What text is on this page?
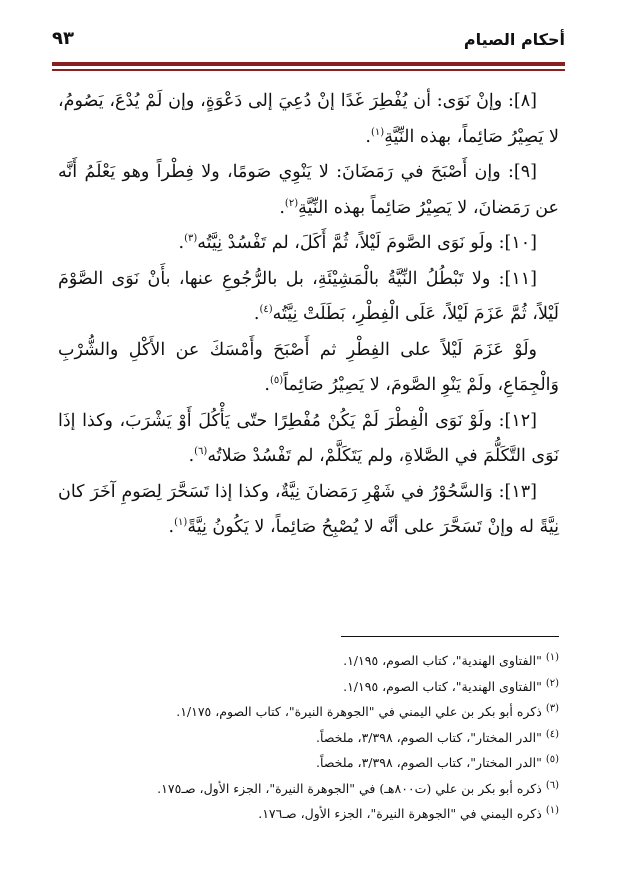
أحكام الصيام
٩٣

[٨]: وإنْ نَوَى: أن يُفْطِرَ غَدًا إنْ دُعِيَ إلى دَعْوَةٍ، وإن لَمْ يُدْعَ، يَصُومُ، لا يَصِيْرُ صَائِماً، بهذه النِّيَّةِ$^{(١)}$.

[٩]: وإن أَصْبَحَ في رَمَضَانَ: لا يَنْوِي صَومًا، ولا فِطْراً وهو يَعْلَمُ أَنَّه عن رَمَضانَ، لا يَصِيْرُ صَائِماً بهذه النِّيَّةِ$^{(٢)}$.

[١٠]: ولَو نَوَى الصَّومَ لَيْلاً، ثُمَّ أَكَلَ، لم تَفْسُدْ نِيَّتُه$^{(٣)}$.

[١١]: ولا تَبْطُلُ النِّيَّةُ بالْمَشِيْئَةِ، بل بالرُّجُوعِ عنها، بأَنْ نَوَى الصَّوْمَ لَيْلاً، ثُمَّ عَزَمَ لَيْلاً، عَلَى الْفِطْرِ، بَطَلَتْ نِيَّتُه$^{(٤)}$.

ولَوْ عَزَمَ لَيْلاً على الفِطْرِ ثم أَصْبَحَ وأَمْسَكَ عن الأَكْلِ والشُّرْبِ وَالْجِمَاعِ، ولَمْ يَنْوِ الصَّومَ، لا يَصِيْرُ صَائِماً$^{(٥)}$.

[١٢]: ولَوْ نَوَى الْفِطْرَ لَمْ يَكُنْ مُفْطِرًا حتّى يَأْكُلَ أَوْ يَشْرَبَ، وكذا إذَا نَوَى التَّكَلُّمَ في الصَّلاةِ، ولم يَتَكَلَّمْ، لم تَفْسُدْ صَلاتُه$^{(٦)}$.

[١٣]: وَالسَّحُوْرُ في شَهْرِ رَمَضانَ نِيَّةٌ، وكذا إذا تَسَحَّرَ لِصَومِ آخَرَ كان نِيَّةً له وإنْ تَسَحَّرَ على أنَّه لا يُصْبِحُ صَائِماً، لا يَكُونُ نِيَّةً$^{(١)}$.

$^{(١)}$ "الفتاوى الهندية"، كتاب الصوم، ١/١٩٥.
$^{(٢)}$ "الفتاوى الهندية"، كتاب الصوم، ١/١٩٥.
$^{(٣)}$ ذكره أبو بكر بن علي اليمني في "الجوهرة النيرة"، كتاب الصوم، ١/١٧٥.
$^{(٤)}$ "الدر المختار"، كتاب الصوم، ٣/٣٩٨، ملخصاً.
$^{(٥)}$ "الدر المختار"، كتاب الصوم، ٣/٣٩٨، ملخصاً.
$^{(٦)}$ ذكره أبو بكر بن علي (ت٨٠٠هـ) في "الجوهرة النيرة"، الجزء الأول، صـ١٧٥.
$^{(١)}$ ذكره اليمني في "الجوهرة النيرة"، الجزء الأول، صـ١٧٦.
